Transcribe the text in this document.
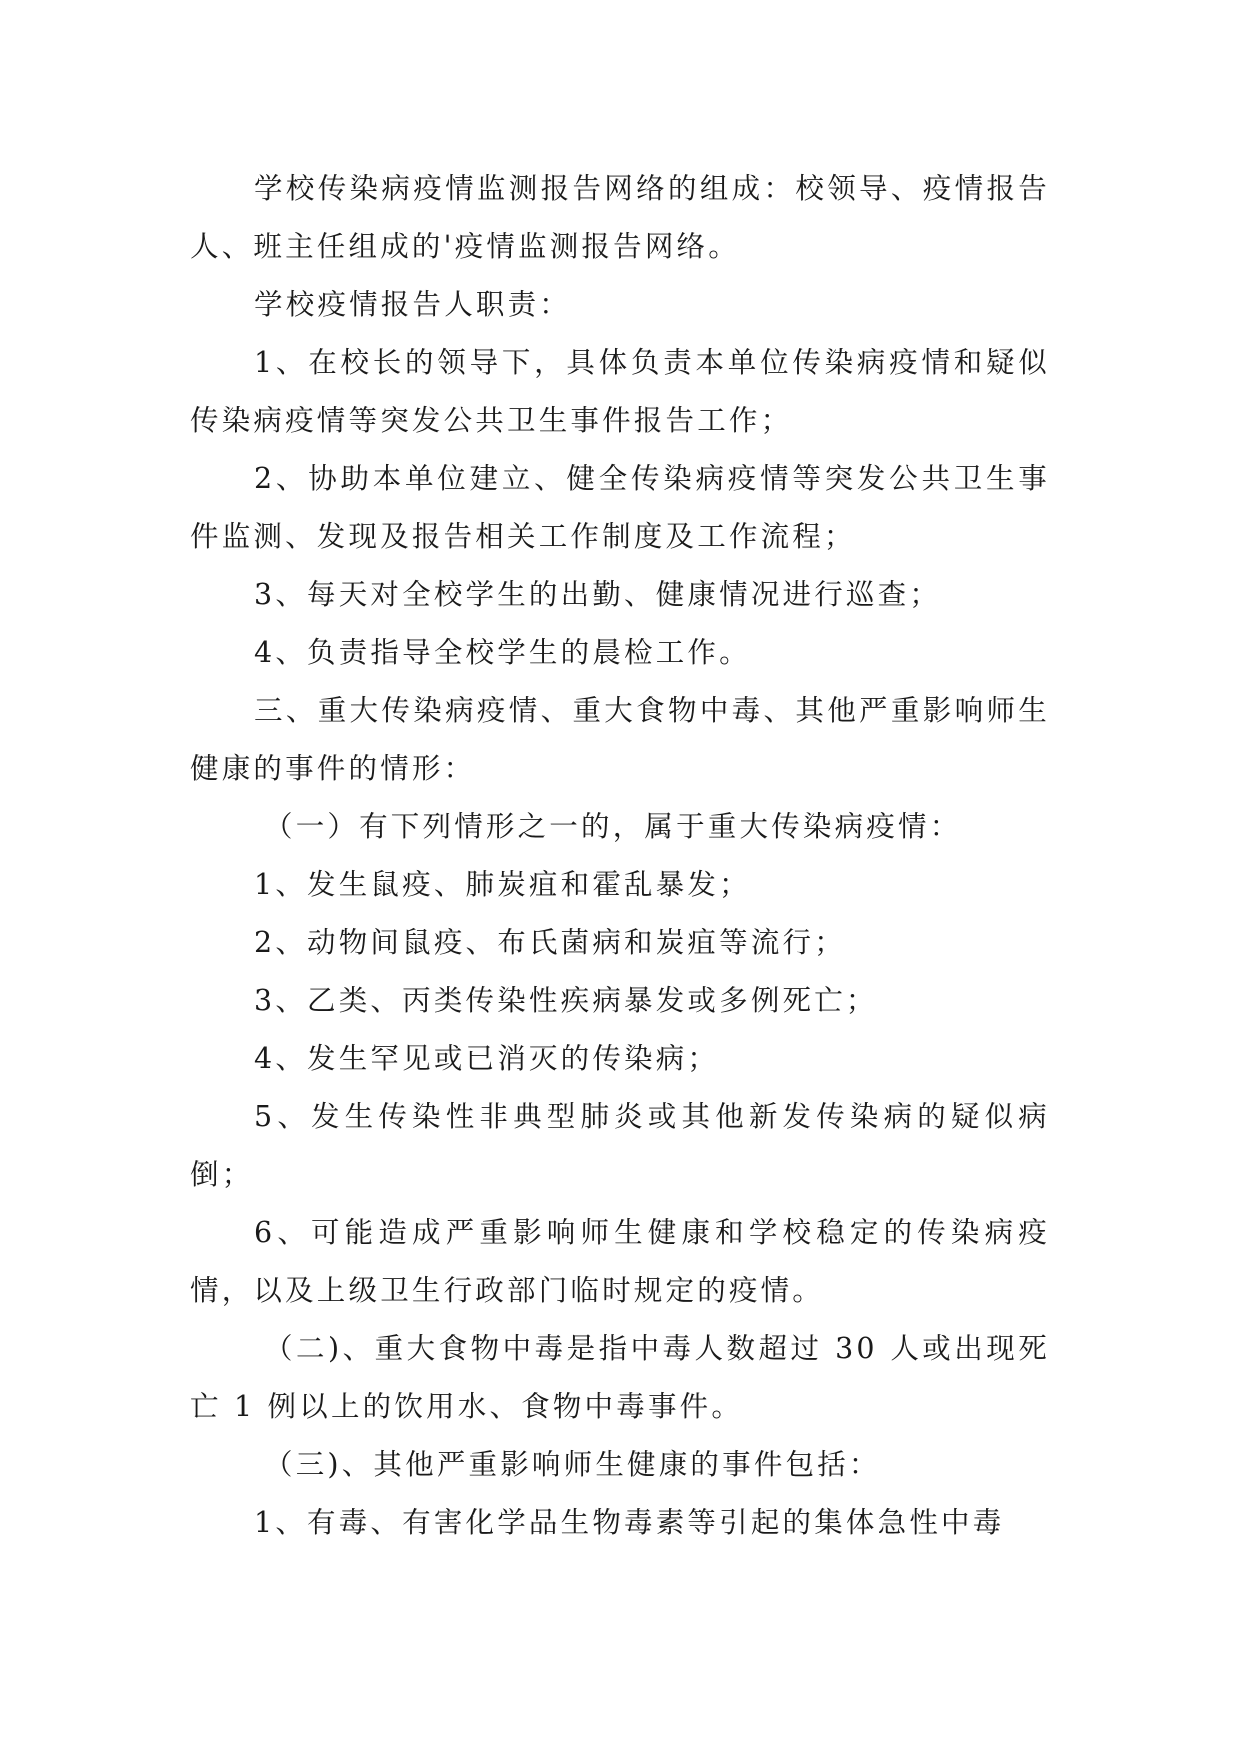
学校传染病疫情监测报告网络的组成：校领导、疫情报告人、班主任组成的'疫情监测报告网络。

学校疫情报告人职责：

1、在校长的领导下，具体负责本单位传染病疫情和疑似传染病疫情等突发公共卫生事件报告工作；

2、协助本单位建立、健全传染病疫情等突发公共卫生事件监测、发现及报告相关工作制度及工作流程；

3、每天对全校学生的出勤、健康情况进行巡查；

4、负责指导全校学生的晨检工作。

三、重大传染病疫情、重大食物中毒、其他严重影响师生健康的事件的情形：

（一）有下列情形之一的，属于重大传染病疫情：

1、发生鼠疫、肺炭疽和霍乱暴发；

2、动物间鼠疫、布氏菌病和炭疽等流行；

3、乙类、丙类传染性疾病暴发或多例死亡；

4、发生罕见或已消灭的传染病；

5、发生传染性非典型肺炎或其他新发传染病的疑似病倒；

6、可能造成严重影响师生健康和学校稳定的传染病疫情，以及上级卫生行政部门临时规定的疫情。

（二)、重大食物中毒是指中毒人数超过 30 人或出现死亡 1 例以上的饮用水、食物中毒事件。

（三)、其他严重影响师生健康的事件包括：

1、有毒、有害化学品生物毒素等引起的集体急性中毒
